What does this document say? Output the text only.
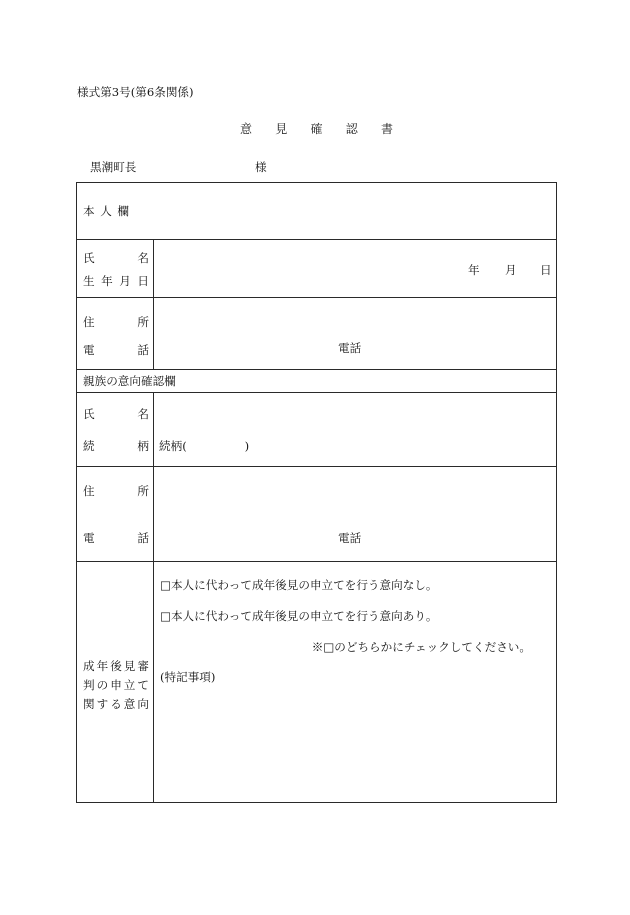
様式第3号(第6条関係)
意 見 確 認 書
黒潮町長	様
本 人 欄
氏	名
生 年 月 日
年 月 日
住	所
電	話	電話
親族の意向確認欄
氏	名
続	柄 続柄(　　　　　)
住	所
電	話	電話
成 年 後 見 審
判 の 申 立 て
関 す る 意 向
□本人に代わって成年後見の申立てを行う意向なし。
□本人に代わって成年後見の申立てを行う意向あり。
※□のどちらかにチェックしてください。
(特記事項)
